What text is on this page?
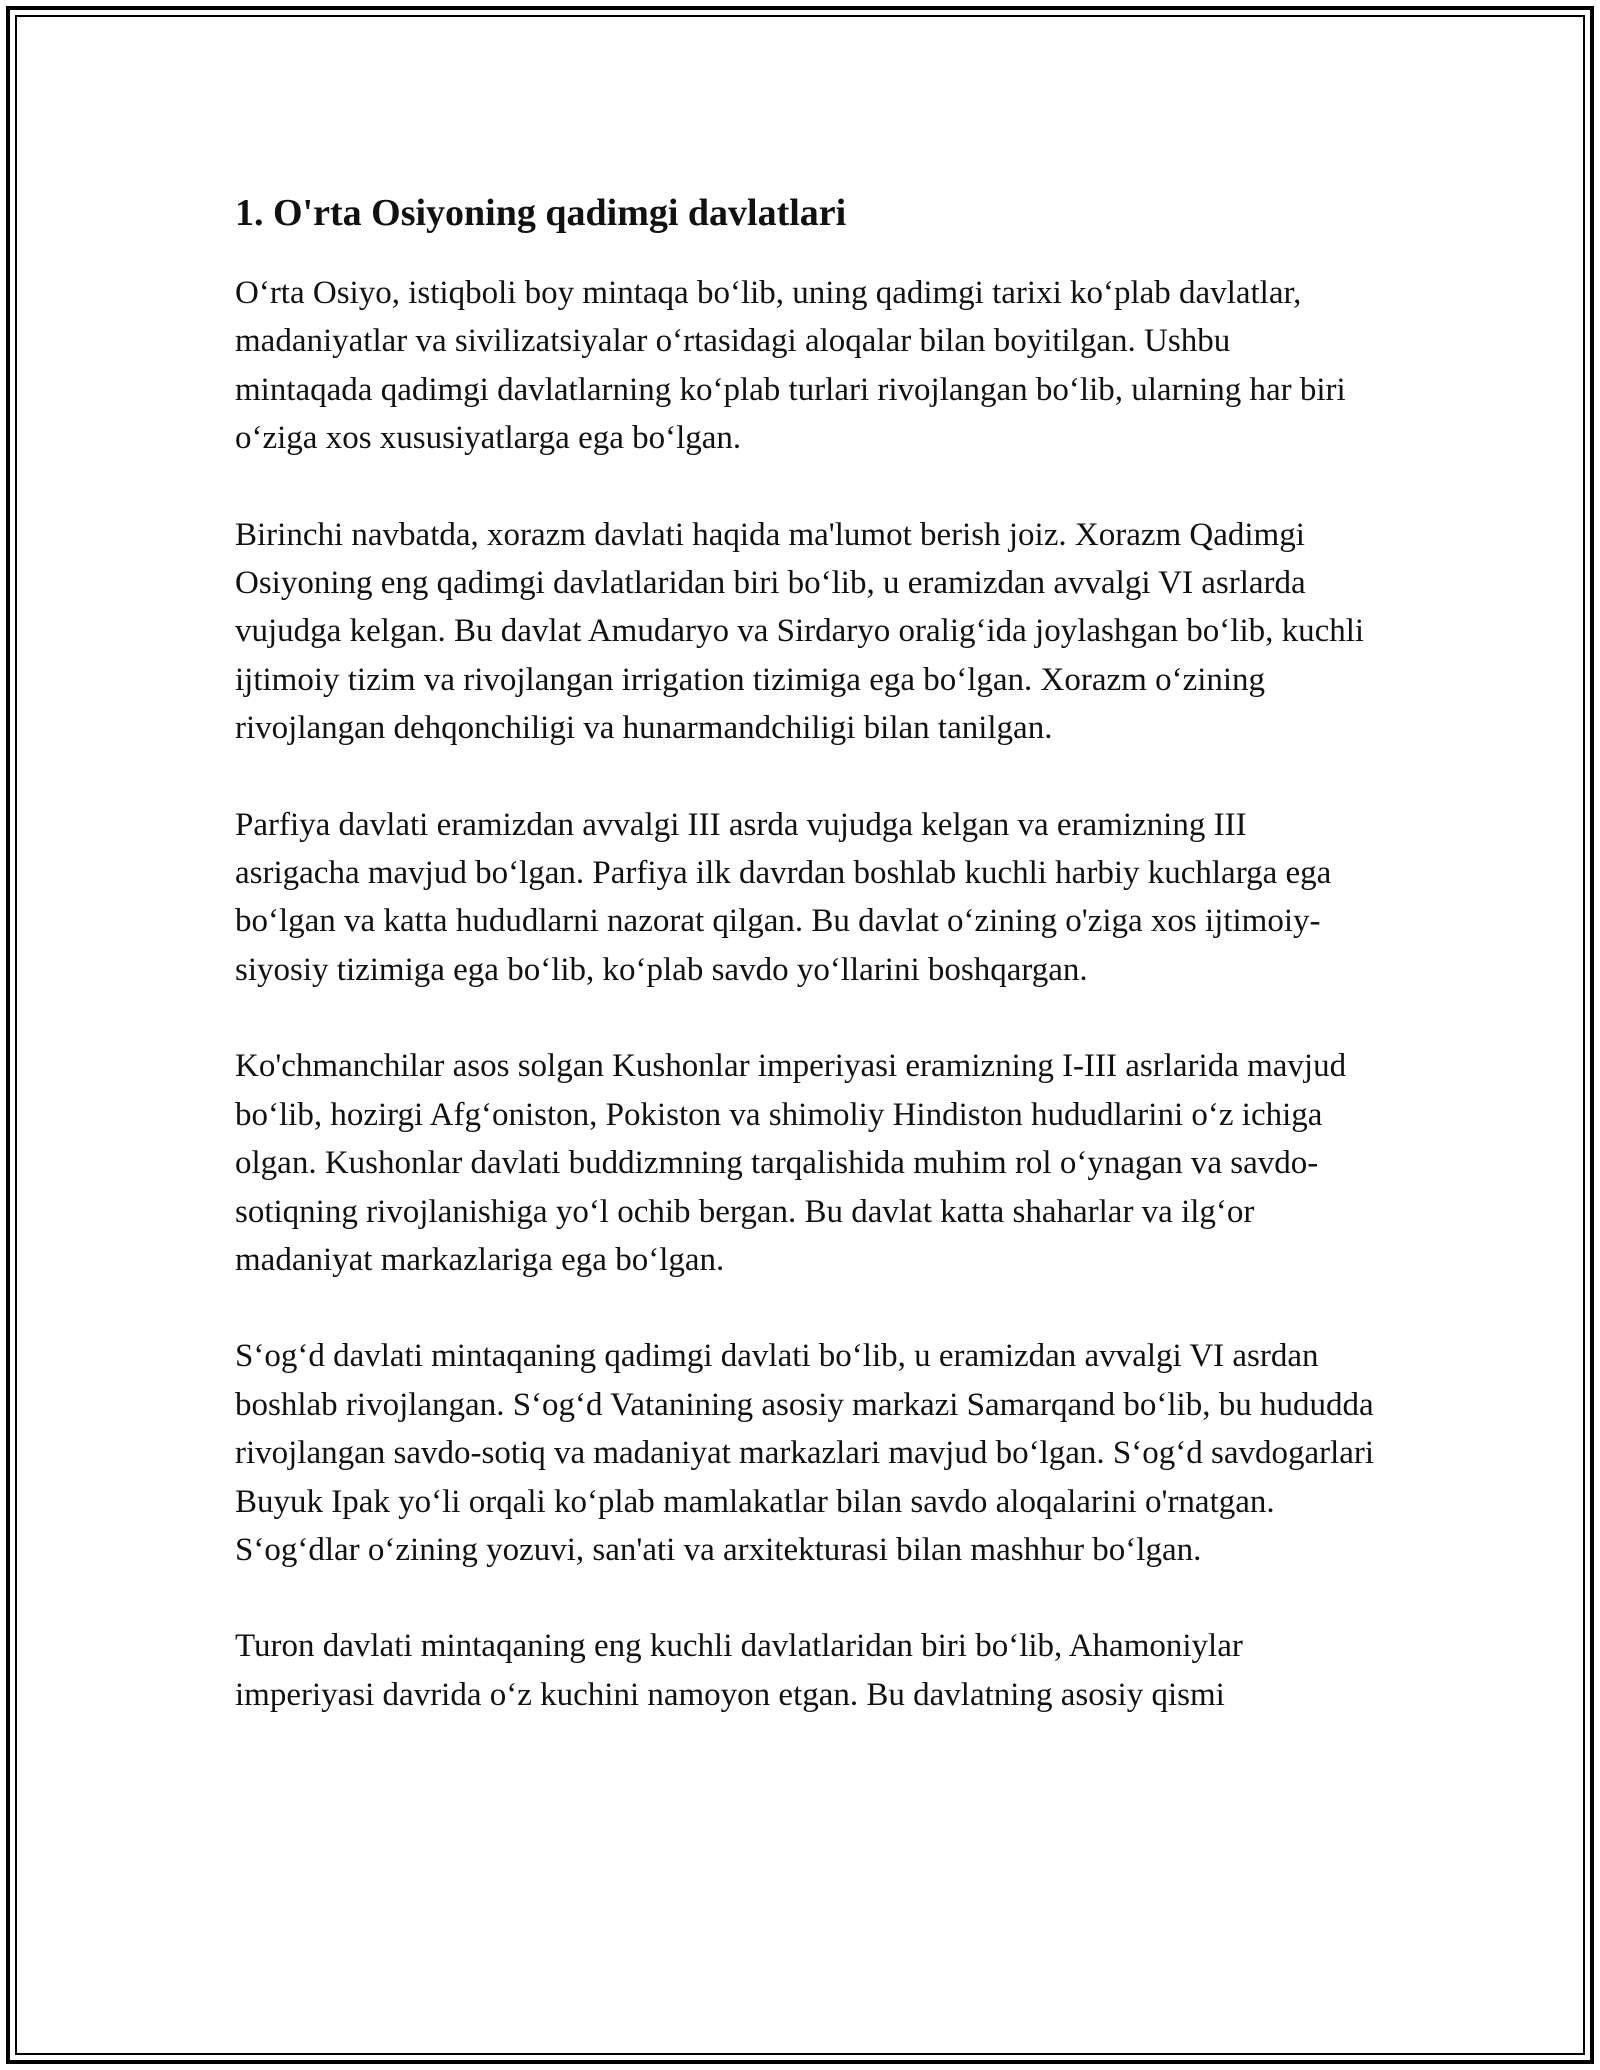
1. O'rta Osiyoning qadimgi davlatlari

O‘rta Osiyo, istiqboli boy mintaqa bo‘lib, uning qadimgi tarixi ko‘plab davlatlar, madaniyatlar va sivilizatsiyalar o‘rtasidagi aloqalar bilan boyitilgan. Ushbu mintaqada qadimgi davlatlarning ko‘plab turlari rivojlangan bo‘lib, ularning har biri o‘ziga xos xususiyatlarga ega bo‘lgan.

Birinchi navbatda, xorazm davlati haqida ma'lumot berish joiz. Xorazm Qadimgi Osiyoning eng qadimgi davlatlaridan biri bo‘lib, u eramizdan avvalgi VI asrlarda vujudga kelgan. Bu davlat Amudaryo va Sirdaryo oralig‘ida joylashgan bo‘lib, kuchli ijtimoiy tizim va rivojlangan irrigation tizimiga ega bo‘lgan. Xorazm o‘zining rivojlangan dehqonchiligi va hunarmandchiligi bilan tanilgan.

Parfiya davlati eramizdan avvalgi III asrda vujudga kelgan va eramizning III asrigacha mavjud bo‘lgan. Parfiya ilk davrdan boshlab kuchli harbiy kuchlarga ega bo‘lgan va katta hududlarni nazorat qilgan. Bu davlat o‘zining o'ziga xos ijtimoiy-siyosiy tizimiga ega bo‘lib, ko‘plab savdo yo‘llarini boshqargan.

Ko'chmanchilar asos solgan Kushonlar imperiyasi eramizning I-III asrlarida mavjud bo‘lib, hozirgi Afg‘oniston, Pokiston va shimoliy Hindiston hududlarini o‘z ichiga olgan. Kushonlar davlati buddizmning tarqalishida muhim rol o‘ynagan va savdo-sotiqning rivojlanishiga yo‘l ochib bergan. Bu davlat katta shaharlar va ilg‘or madaniyat markazlariga ega bo‘lgan.

S‘og‘d davlati mintaqaning qadimgi davlati bo‘lib, u eramizdan avvalgi VI asrdan boshlab rivojlangan. S‘og‘d Vatanining asosiy markazi Samarqand bo‘lib, bu hududda rivojlangan savdo-sotiq va madaniyat markazlari mavjud bo‘lgan. S‘og‘d savdogarlari Buyuk Ipak yo‘li orqali ko‘plab mamlakatlar bilan savdo aloqalarini o'rnatgan. S‘og‘dlar o‘zining yozuvi, san'ati va arxitekturasi bilan mashhur bo‘lgan.

Turon davlati mintaqaning eng kuchli davlatlaridan biri bo‘lib, Ahamoniylar imperiyasi davrida o‘z kuchini namoyon etgan. Bu davlatning asosiy qismi
